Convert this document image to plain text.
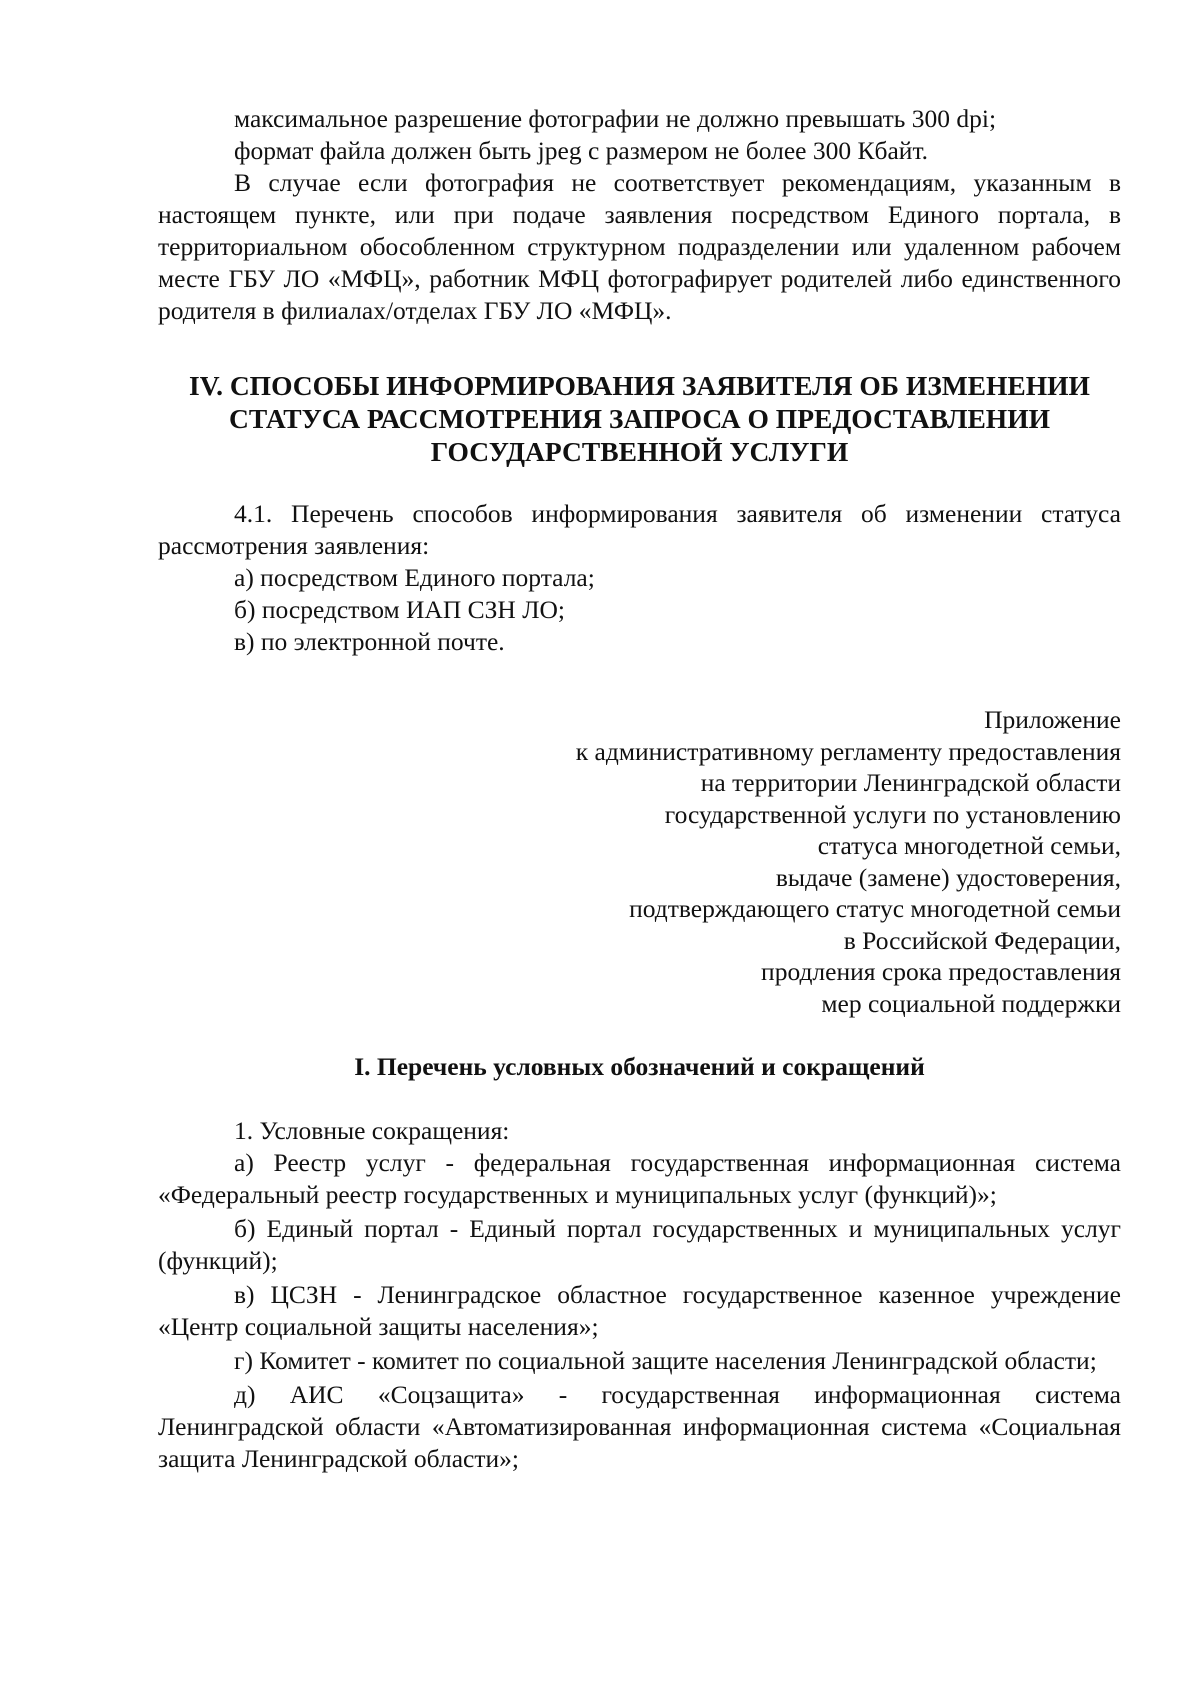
максимальное разрешение фотографии не должно превышать 300 dpi;

формат файла должен быть jpeg с размером не более 300 Кбайт.

В случае если фотография не соответствует рекомендациям, указанным в настоящем пункте, или при подаче заявления посредством Единого портала, в территориальном обособленном структурном подразделении или удаленном рабочем месте ГБУ ЛО «МФЦ», работник МФЦ фотографирует родителей либо единственного родителя в филиалах/отделах ГБУ ЛО «МФЦ».

IV. СПОСОБЫ ИНФОРМИРОВАНИЯ ЗАЯВИТЕЛЯ ОБ ИЗМЕНЕНИИ
СТАТУСА РАССМОТРЕНИЯ ЗАПРОСА О ПРЕДОСТАВЛЕНИИ
ГОСУДАРСТВЕННОЙ УСЛУГИ

4.1. Перечень способов информирования заявителя об изменении статуса рассмотрения заявления:

а) посредством Единого портала;

б) посредством ИАП СЗН ЛО;

в) по электронной почте.

Приложение
к административному регламенту предоставления
на территории Ленинградской области
государственной услуги по установлению
статуса многодетной семьи,
выдаче (замене) удостоверения,
подтверждающего статус многодетной семьи
в Российской Федерации,
продления срока предоставления
мер социальной поддержки
I. Перечень условных обозначений и сокращений

1. Условные сокращения:

а) Реестр услуг - федеральная государственная информационная система «Федеральный реестр государственных и муниципальных услуг (функций)»;

б) Единый портал - Единый портал государственных и муниципальных услуг (функций);

в) ЦСЗН - Ленинградское областное государственное казенное учреждение «Центр социальной защиты населения»;

г) Комитет - комитет по социальной защите населения Ленинградской области;

д) АИС «Соцзащита» - государственная информационная система Ленинградской области «Автоматизированная информационная система «Социальная защита Ленинградской области»;
